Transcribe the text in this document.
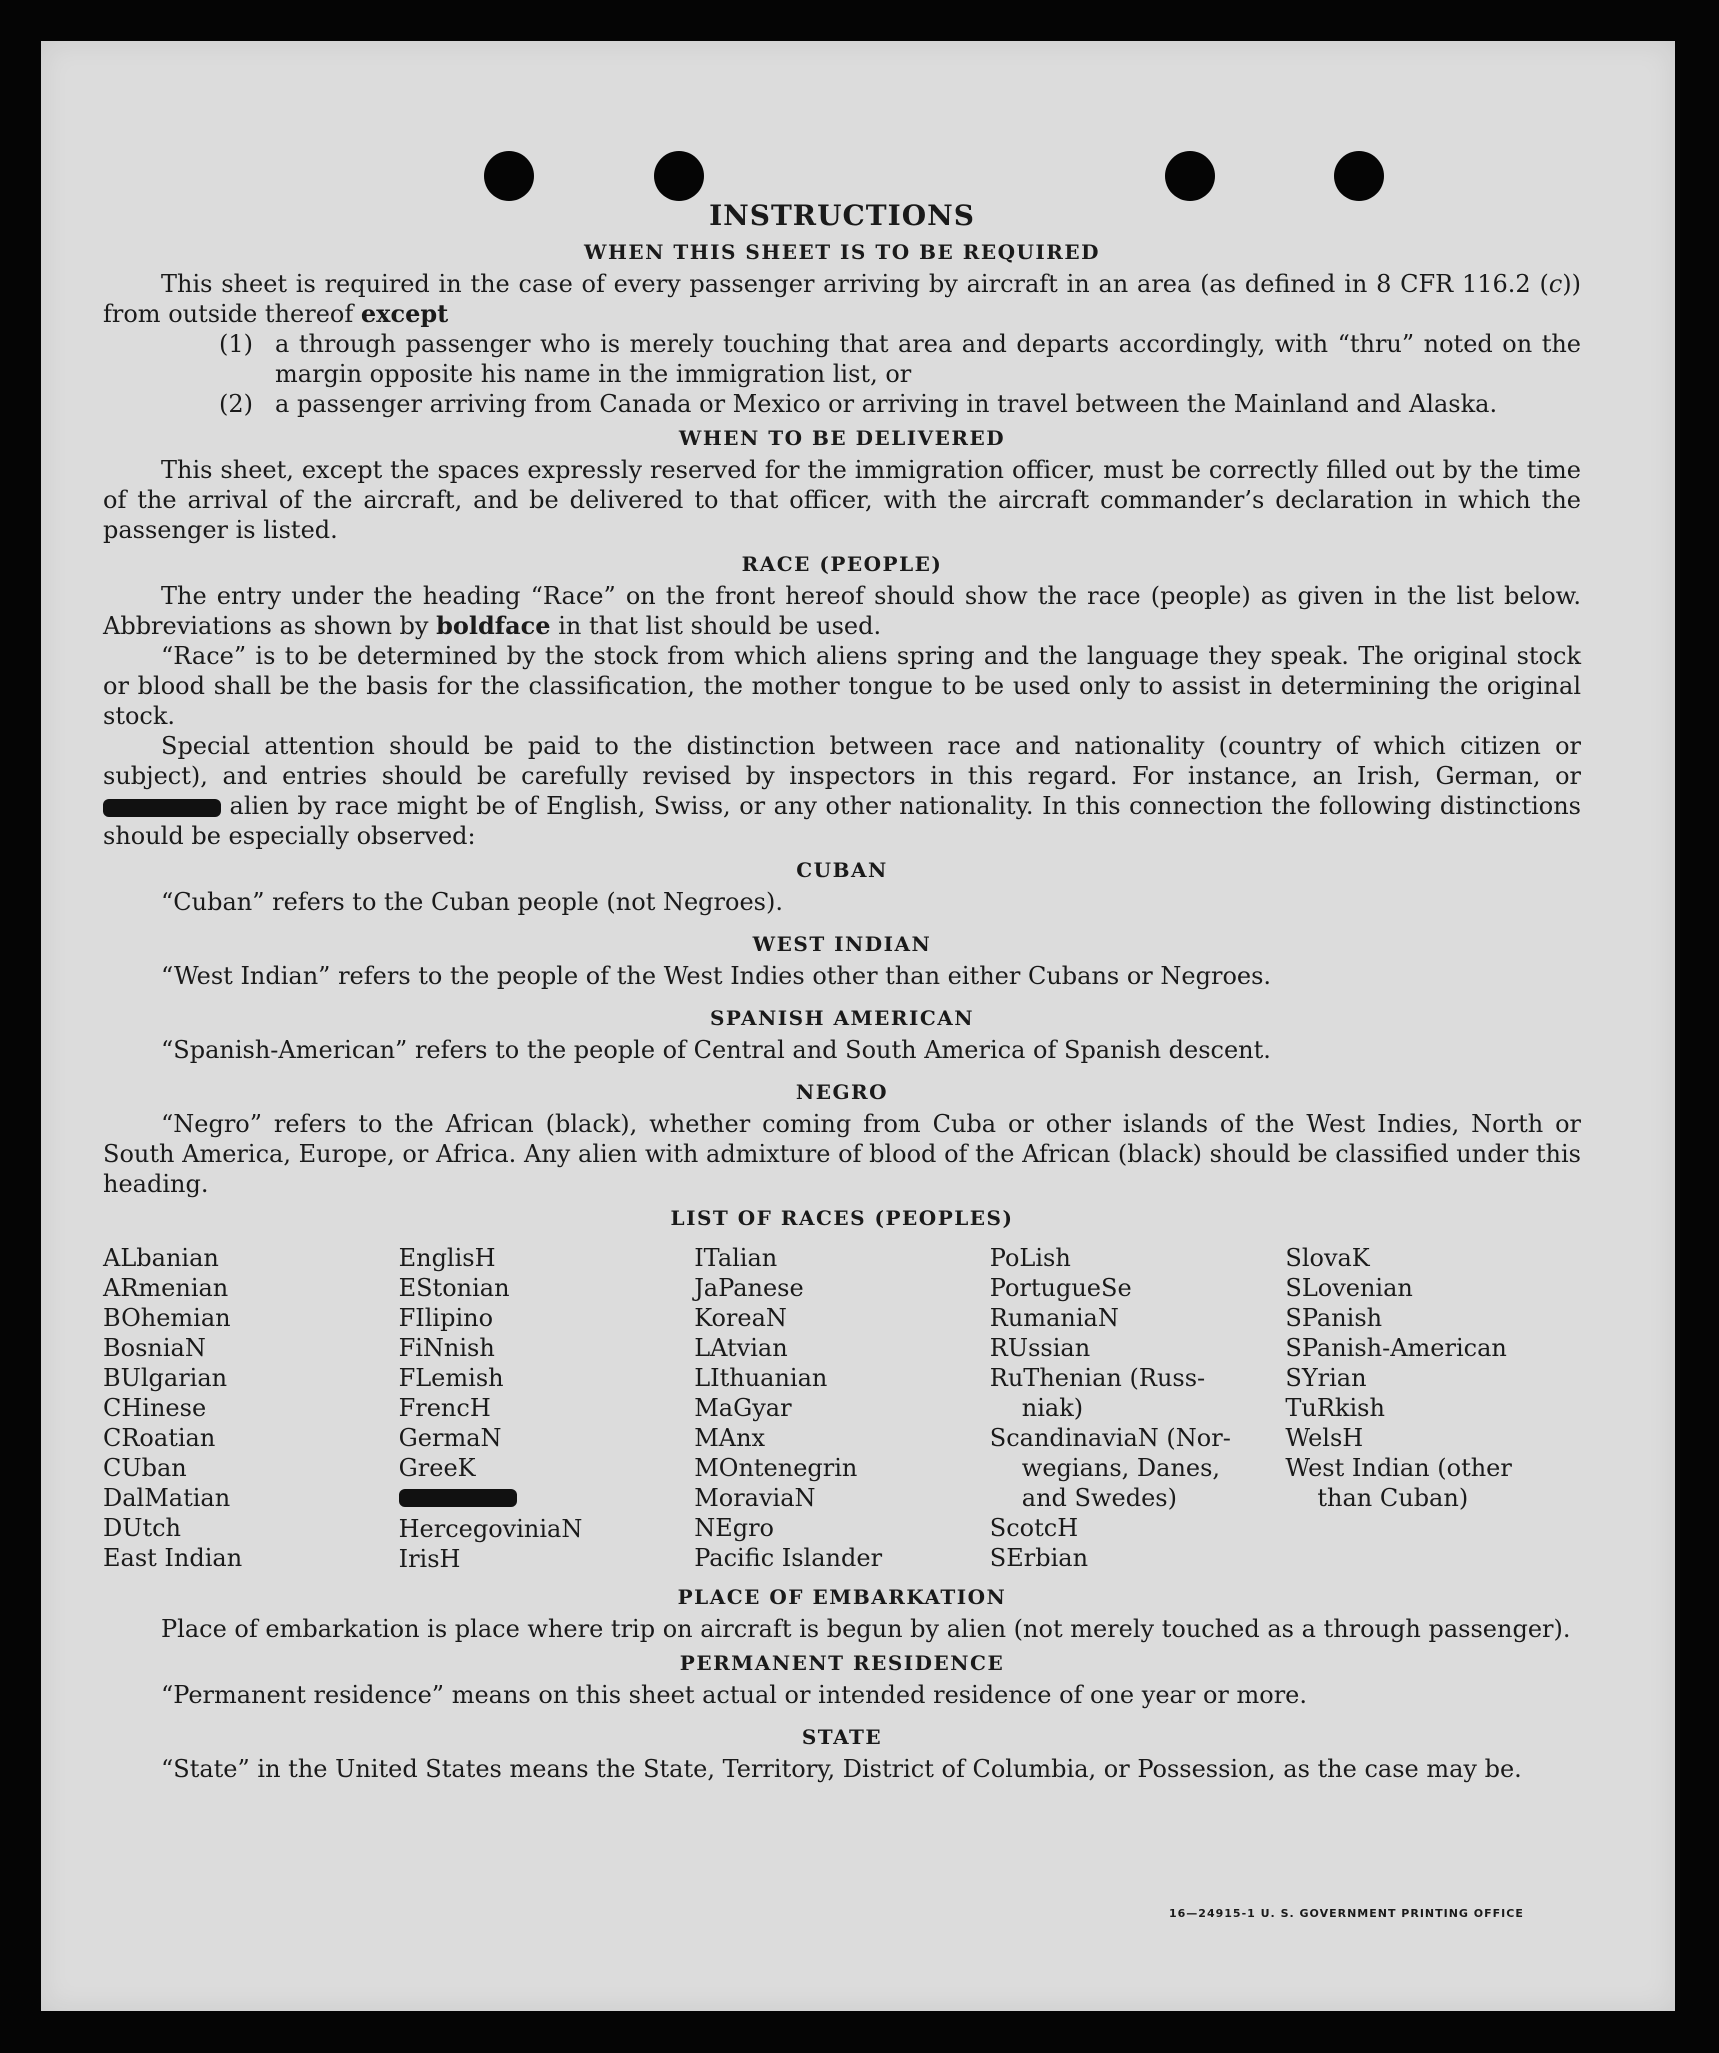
INSTRUCTIONS
WHEN THIS SHEET IS TO BE REQUIRED

This sheet is required in the case of every passenger arriving by aircraft in an area (as defined in 8 CFR 116.2 (c)) from outside thereof except

(1) a through passenger who is merely touching that area and departs accordingly, with “thru” noted on the margin opposite his name in the immigration list, or
(2) a passenger arriving from Canada or Mexico or arriving in travel between the Mainland and Alaska.
WHEN TO BE DELIVERED

This sheet, except the spaces expressly reserved for the immigration officer, must be correctly filled out by the time of the arrival of the aircraft, and be delivered to that officer, with the aircraft commander’s declaration in which the passenger is listed.

RACE (PEOPLE)

The entry under the heading “Race” on the front hereof should show the race (people) as given in the list below. Abbreviations as shown by boldface in that list should be used.

“Race” is to be determined by the stock from which aliens spring and the language they speak. The original stock or blood shall be the basis for the classification, the mother tongue to be used only to assist in determining the original stock.

Special attention should be paid to the distinction between race and nationality (country of which citizen or subject), and entries should be carefully revised by inspectors in this regard. For instance, an Irish, German, or  alien by race might be of English, Swiss, or any other nationality. In this connection the following distinctions should be especially observed:

CUBAN

“Cuban” refers to the Cuban people (not Negroes).

WEST INDIAN

“West Indian” refers to the people of the West Indies other than either Cubans or Negroes.

SPANISH AMERICAN

“Spanish-American” refers to the people of Central and South America of Spanish descent.

NEGRO

“Negro” refers to the African (black), whether coming from Cuba or other islands of the West Indies, North or South America, Europe, or Africa. Any alien with admixture of blood of the African (black) should be classified under this heading.

LIST OF RACES (PEOPLES)
ALbanian
ARmenian
BOhemian
BosniaN
BUlgarian
CHinese
CRoatian
CUban
DalMatian
DUtch
East Indian
EnglisH
EStonian
FIlipino
FiNnish
FLemish
FrencH
GermaN
GreeK
HercegoviniaN
IrisH
ITalian
JaPanese
KoreaN
LAtvian
LIthuanian
MaGyar
MAnx
MOntenegrin
MoraviaN
NEgro
Pacific Islander
PoLish
PortugueSe
RumaniaN
RUssian
RuThenian (Russ-
niak)
ScandinaviaN (Nor-
wegians, Danes,
and Swedes)
ScotcH
SErbian
SlovaK
SLovenian
SPanish
SPanish-American
SYrian
TuRkish
WelsH
West Indian (other
than Cuban)
PLACE OF EMBARKATION

Place of embarkation is place where trip on aircraft is begun by alien (not merely touched as a through passenger).

PERMANENT RESIDENCE

“Permanent residence” means on this sheet actual or intended residence of one year or more.

STATE

“State” in the United States means the State, Territory, District of Columbia, or Possession, as the case may be.

16—24915-1 U. S. GOVERNMENT PRINTING OFFICE
